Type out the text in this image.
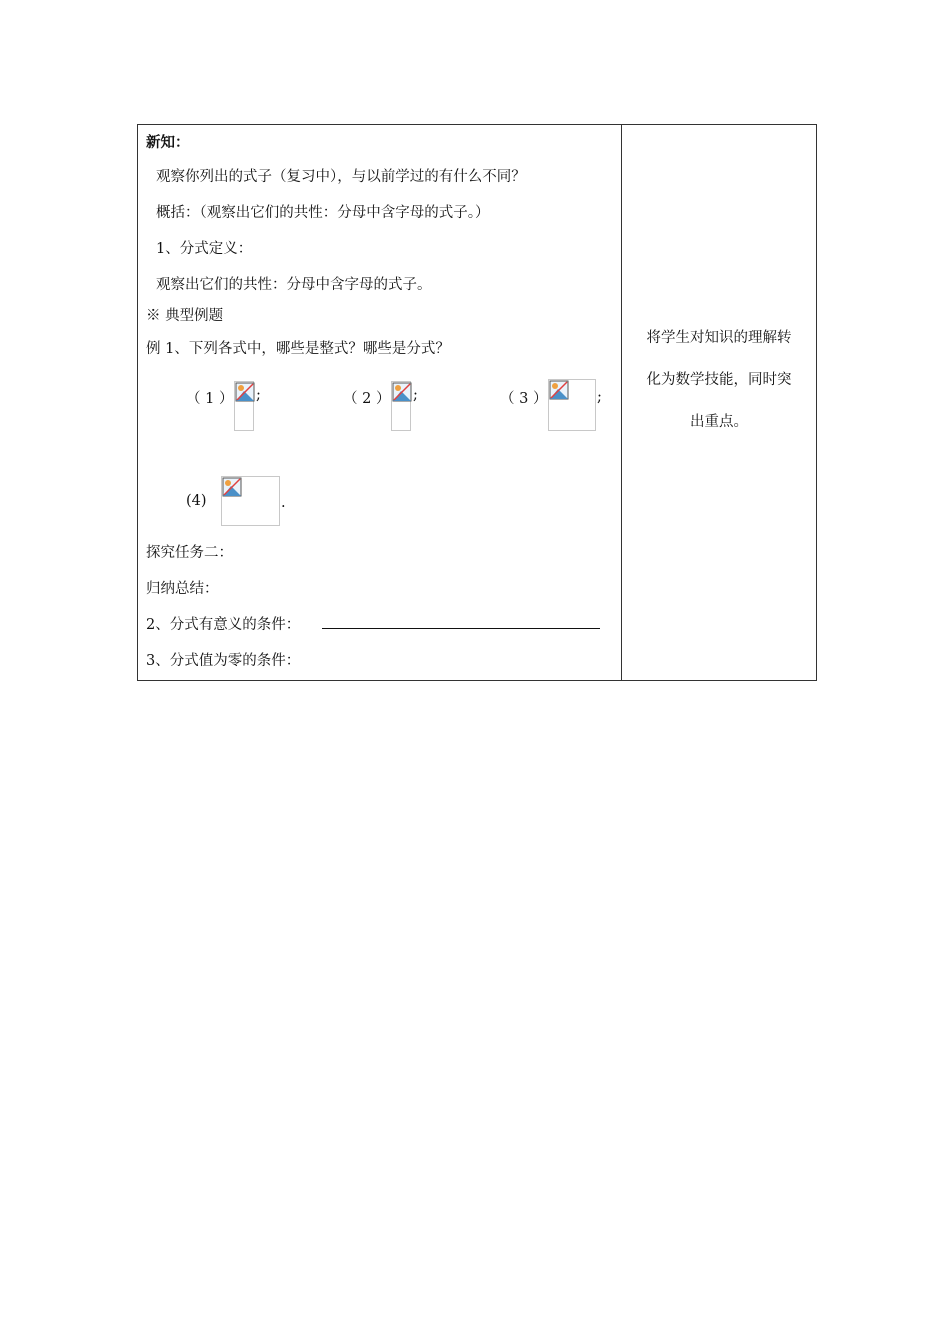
新知：
观察你列出的式子（复习中），与以前学过的有什么不同？
概括：（观察出它们的共性：分母中含字母的式子。）
1、分式定义：
观察出它们的共性：分母中含字母的式子。
※ 典型例题
例 1、下列各式中，哪些是整式？哪些是分式？
（ 1 ） ;	（ 2 ） ;	（ 3 ）	;
(4)	.
探究任务二：
归纳总结：
2、分式有意义的条件：
3、分式值为零的条件：
将学生对知识的理解转
化为数学技能，同时突
出重点。
